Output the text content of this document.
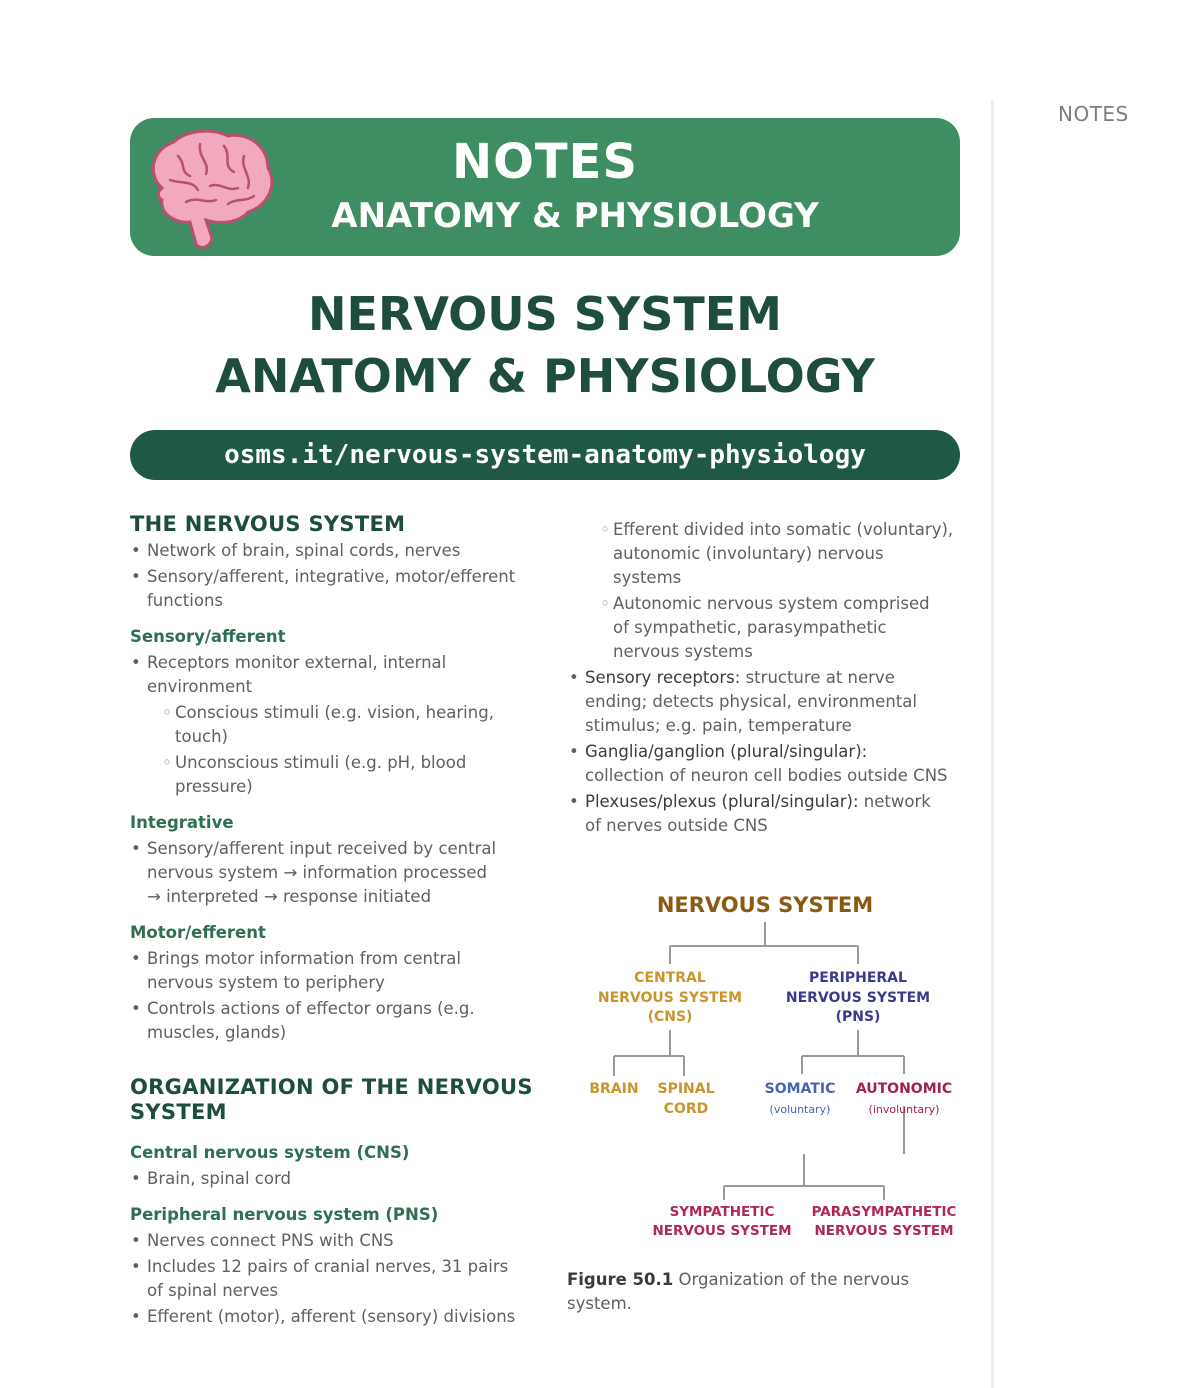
NOTES
NOTES
ANATOMY & PHYSIOLOGY
NERVOUS SYSTEM
ANATOMY & PHYSIOLOGY
osms.it/nervous-system-anatomy-physiology

THE NERVOUS SYSTEM

• Network of brain, spinal cords, nerves

• Sensory/afferent, integrative, motor/efferent
functions

Sensory/afferent

• Receptors monitor external, internal
environment
◦ Conscious stimuli (e.g. vision, hearing,
touch)
◦ Unconscious stimuli (e.g. pH, blood
pressure)

Integrative

• Sensory/afferent input received by central
nervous system → information processed
→ interpreted → response initiated

Motor/efferent

• Brings motor information from central
nervous system to periphery
• Controls actions of effector organs (e.g.
muscles, glands)
ORGANIZATION OF THE NERVOUS
SYSTEM

Central nervous system (CNS)

• Brain, spinal cord

Peripheral nervous system (PNS)

• Nerves connect PNS with CNS

• Includes 12 pairs of cranial nerves, 31 pairs
of spinal nerves

• Efferent (motor), afferent (sensory) divisions

◦ Efferent divided into somatic (voluntary),
autonomic (involuntary) nervous
systems
◦ Autonomic nervous system comprised
of sympathetic, parasympathetic
nervous systems
• Sensory receptors: structure at nerve
ending; detects physical, environmental
stimulus; e.g. pain, temperature
• Ganglia/ganglion (plural/singular):
collection of neuron cell bodies outside CNS
• Plexuses/plexus (plural/singular): network
of nerves outside CNS
NERVOUS SYSTEM
CENTRAL
NERVOUS SYSTEM
(CNS)
PERIPHERAL
NERVOUS SYSTEM
(PNS)
BRAIN SPINAL
CORD
SOMATIC
(voluntary)
AUTONOMIC
(involuntary)
SYMPATHETIC
NERVOUS SYSTEM
PARASYMPATHETIC
NERVOUS SYSTEM
Figure 50.1 Organization of the nervous
system.
